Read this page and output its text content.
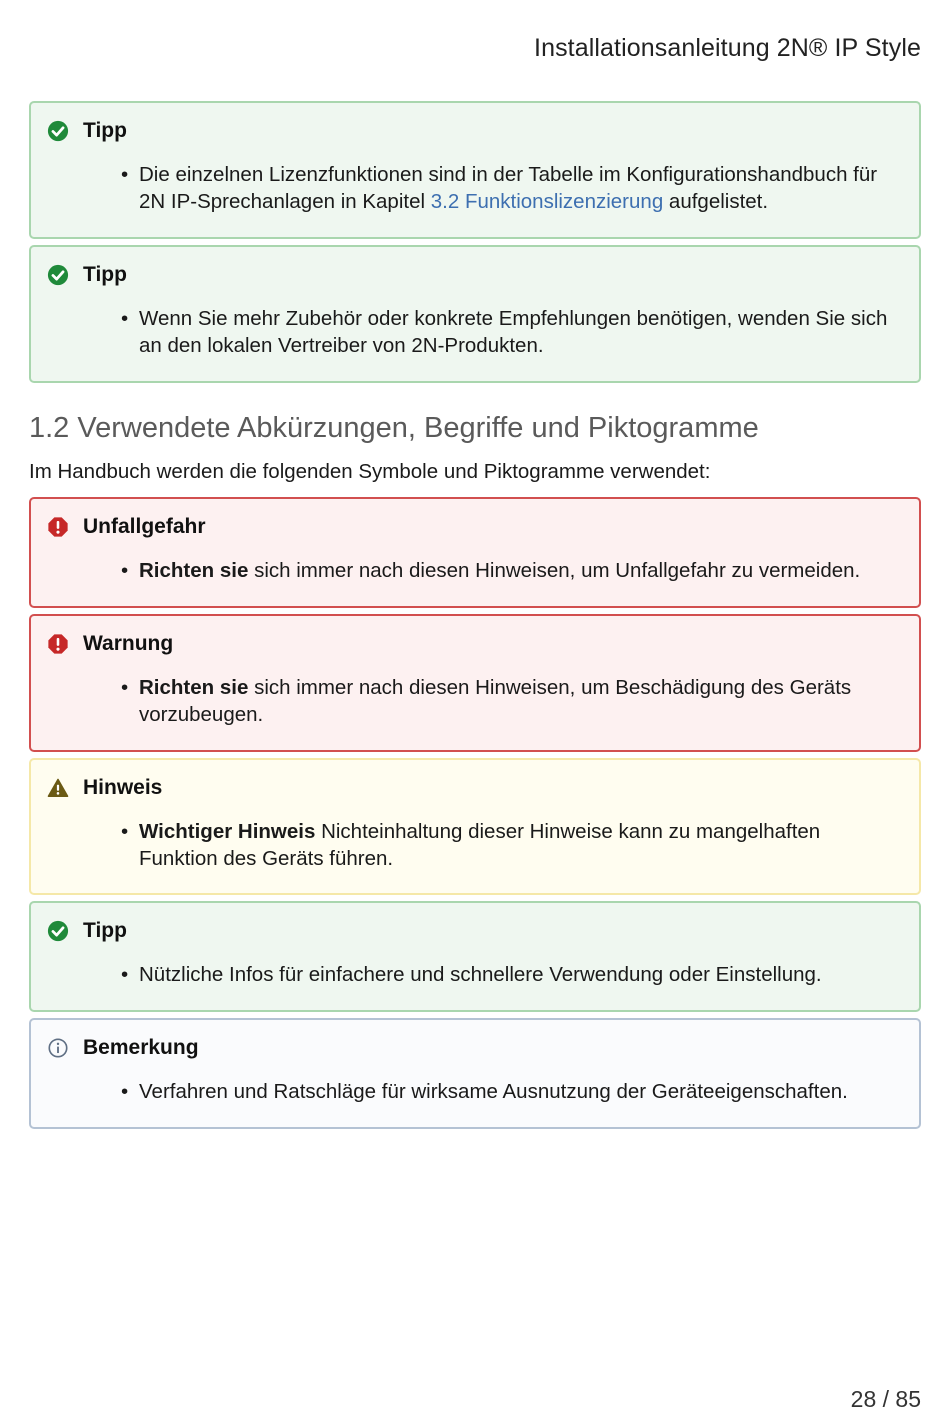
Installationsanleitung 2N® IP Style
Tipp
• Die einzelnen Lizenzfunktionen sind in der Tabelle im Konfigurationshandbuch für 2N IP-Sprechanlagen in Kapitel 3.2 Funktionslizenzierung aufgelistet.
Tipp
• Wenn Sie mehr Zubehör oder konkrete Empfehlungen benötigen, wenden Sie sich an den lokalen Vertreiber von 2N-Produkten.
1.2 Verwendete Abkürzungen, Begriffe und Piktogramme
Im Handbuch werden die folgenden Symbole und Piktogramme verwendet:
Unfallgefahr
• Richten sie sich immer nach diesen Hinweisen, um Unfallgefahr zu vermeiden.
Warnung
• Richten sie sich immer nach diesen Hinweisen, um Beschädigung des Geräts vorzubeugen.
Hinweis
• Wichtiger Hinweis Nichteinhaltung dieser Hinweise kann zu mangelhaften Funktion des Geräts führen.
Tipp
• Nützliche Infos für einfachere und schnellere Verwendung oder Einstellung.
Bemerkung
• Verfahren und Ratschläge für wirksame Ausnutzung der Geräteeigenschaften.
28 / 85
